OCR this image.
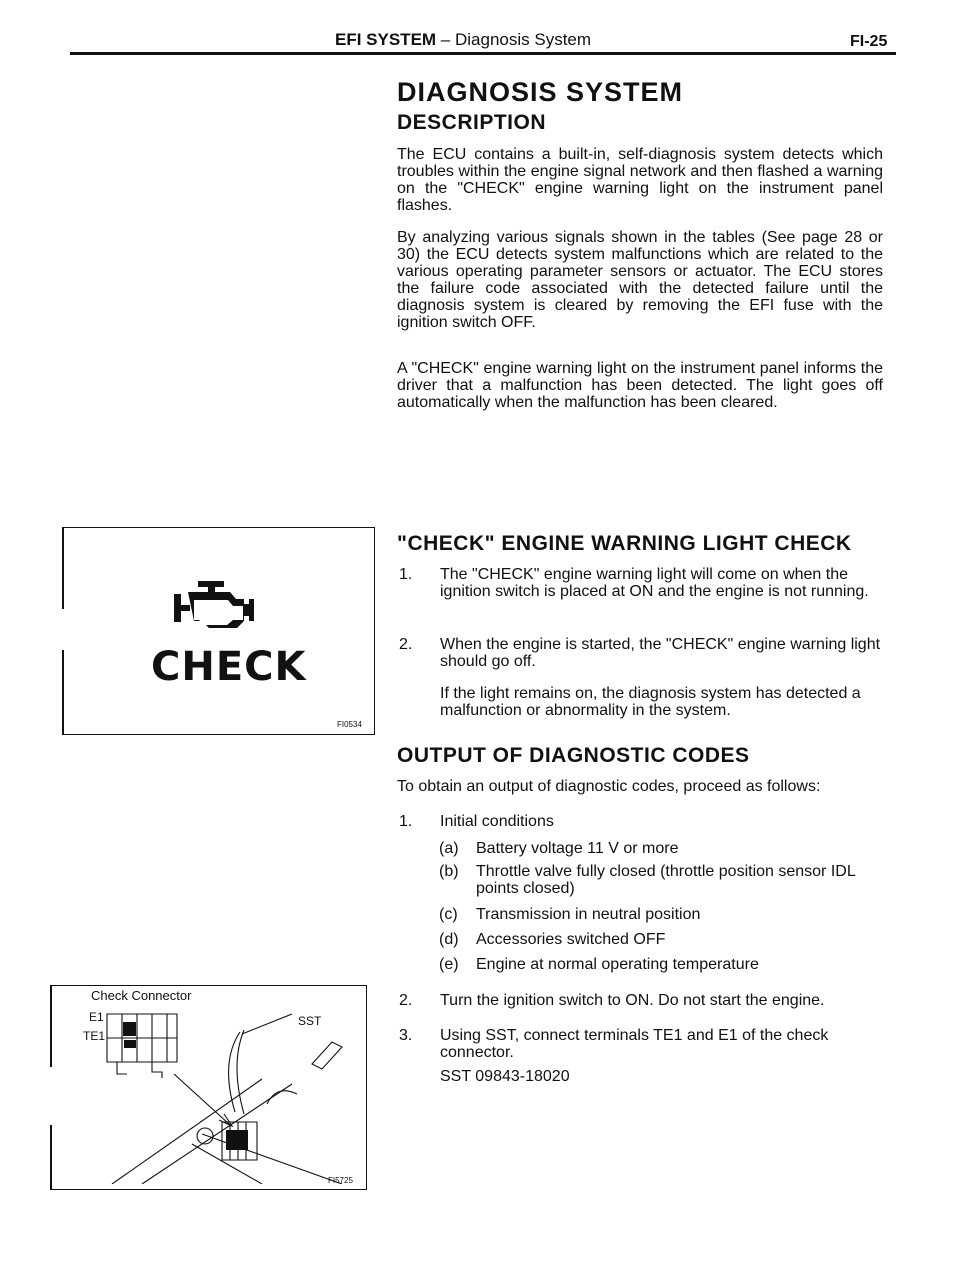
EFI SYSTEM – Diagnosis System	FI-25
DIAGNOSIS SYSTEM
DESCRIPTION
The ECU contains a built-in, self-diagnosis system detects which troubles within the engine signal network and then flashed a warning on the "CHECK" engine warning light on the instrument panel flashes.
By analyzing various signals shown in the tables (See page 28 or 30) the ECU detects system malfunctions which are related to the various operating parameter sensors or actuator. The ECU stores the failure code associated with the detected failure until the diagnosis system is cleared by removing the EFI fuse with the ignition switch OFF.
A "CHECK" engine warning light on the instrument panel informs the driver that a malfunction has been detected. The light goes off automatically when the malfunction has been cleared.
"CHECK" ENGINE WARNING LIGHT CHECK
1. The "CHECK" engine warning light will come on when the ignition switch is placed at ON and the engine is not running.
2. When the engine is started, the "CHECK" engine warning light should go off.
If the light remains on, the diagnosis system has detected a malfunction or abnormality in the system.
OUTPUT OF DIAGNOSTIC CODES
To obtain an output of diagnostic codes, proceed as follows:
1. Initial conditions
(a) Battery voltage 11 V or more
(b) Throttle valve fully closed (throttle position sensor IDL points closed)
(c) Transmission in neutral position
(d) Accessories switched OFF
(e) Engine at normal operating temperature
2. Turn the ignition switch to ON. Do not start the engine.
3. Using SST, connect terminals TE1 and E1 of the check connector.
SST 09843-18020
CHECK
FI0534
Check Connector
E1
TE1
SST
FI5725
